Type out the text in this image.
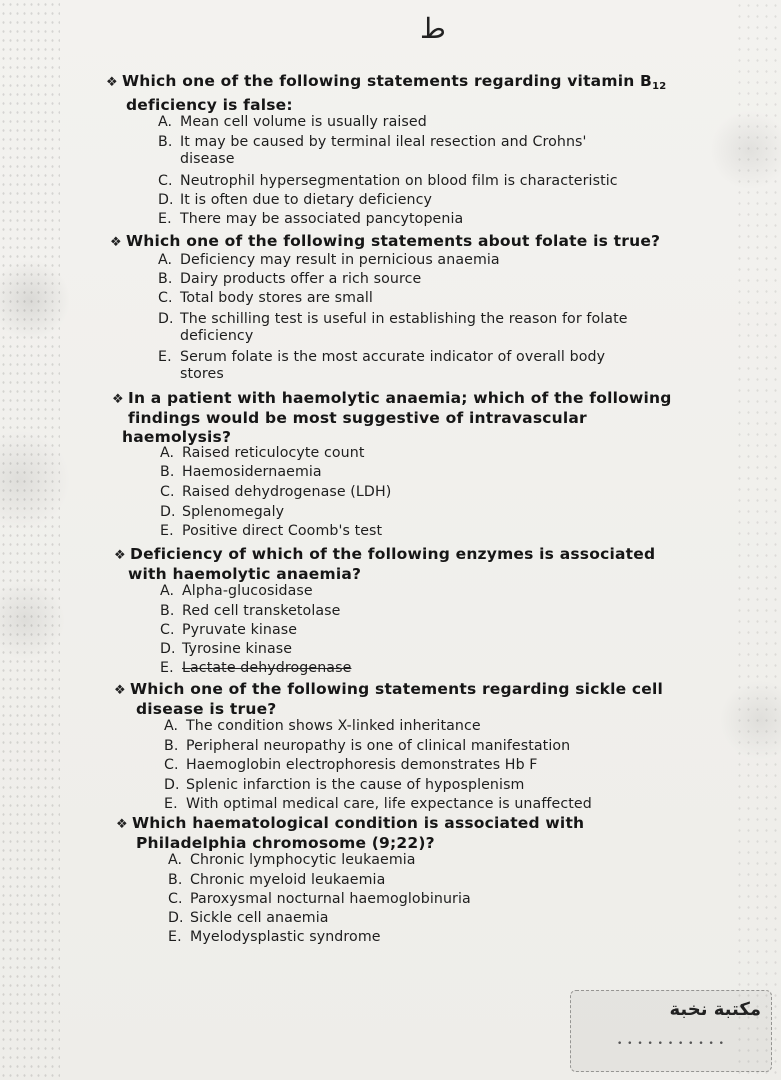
ط
❖ Which one of the following statements regarding vitamin $B_{12}$
deficiency is false:
A. Mean cell volume is usually raised
B. It may be caused by terminal ileal resection and Crohns'
disease
C. Neutrophil hypersegmentation on blood film is characteristic
D. It is often due to dietary deficiency
E. There may be associated pancytopenia
❖ Which one of the following statements about folate is true?
A. Deficiency may result in pernicious anaemia
B. Dairy products offer a rich source
C. Total body stores are small
D. The schilling test is useful in establishing the reason for folate
deficiency
E. Serum folate is the most accurate indicator of overall body
stores
❖ In a patient with haemolytic anaemia; which of the following
findings would be most suggestive of intravascular
haemolysis?
A. Raised reticulocyte count
B. Haemosidernaemia
C. Raised dehydrogenase (LDH)
D. Splenomegaly
E. Positive direct Coomb's test
❖ Deficiency of which of the following enzymes is associated
with haemolytic anaemia?
A. Alpha-glucosidase
B. Red cell transketolase
C. Pyruvate kinase
D. Tyrosine kinase
E. Lactate dehydrogenase
❖ Which one of the following statements regarding sickle cell
disease is true?
A. The condition shows X-linked inheritance
B. Peripheral neuropathy is one of clinical manifestation
C. Haemoglobin electrophoresis demonstrates Hb F
D. Splenic infarction is the cause of hyposplenism
E. With optimal medical care, life expectance is unaffected
❖ Which haematological condition is associated with
Philadelphia chromosome (9;22)?
A. Chronic lymphocytic leukaemia
B. Chronic myeloid leukaemia
C. Paroxysmal nocturnal haemoglobinuria
D. Sickle cell anaemia
E. Myelodysplastic syndrome
مكتبة نخبة
• • • • • • • • • • •
